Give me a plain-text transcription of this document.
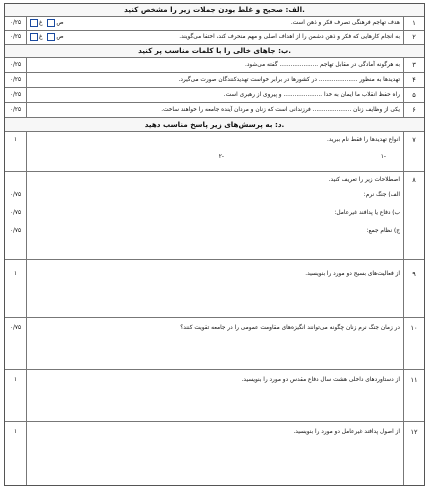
الف: صحیح و غلط بودن جملات زیر را مشخص کنید.
۱
هدف تهاجم فرهنگی تصرف فکر و ذهن است.
ص  غ
۰/۲۵
۲
به انجام کارهایی که فکر و ذهن دشمن را از اهداف اصلی و مهم منحرف کند، اختفا می‌گویند.
ص  غ
۰/۲۵
ب: جاهای خالی را با کلمات مناسب پر کنید.
۳
به هرگونه آمادگی در مقابل تهاجم ..................... گفته می‌شود.
۰/۲۵
۴
تهدیدها به منظور ..................... در کشورها در برابر خواست تهدیدکنندگان صورت می‌گیرد.
۰/۲۵
۵
راه حفظ انقلاب ما ایمان به خدا ..................... و پیروی از رهبری است.
۰/۲۵
۶
یکی از وظایف زنان ..................... فرزندانی است که زنان و مردان آینده جامعه را خواهند ساخت.
۰/۲۵
د: به پرسش‌های زیر پاسخ مناسب دهید.
۷
انواع تهدیدها را فقط نام ببرید.
-۱
-۲
۱
۸
اصطلاحات زیر را تعریف کنید.
الف) جنگ نرم:
ب) دفاع یا پدافند غیرعامل:
ج) نظام جمع:
۰/۷۵
۰/۷۵
۰/۷۵
۹
از فعالیت‌های بسیج دو مورد را بنویسید.
۱
۱۰
در زمان جنگ نرم زنان چگونه می‌توانند انگیزه‌های مقاومت عمومی را در جامعه تقویت کنند؟
۰/۷۵
۱۱
از دستاوردهای داخلی هشت سال دفاع مقدس دو مورد را بنویسید.
۱
۱۲
از اصول پدافند غیرعامل دو مورد را بنویسید.
۱
